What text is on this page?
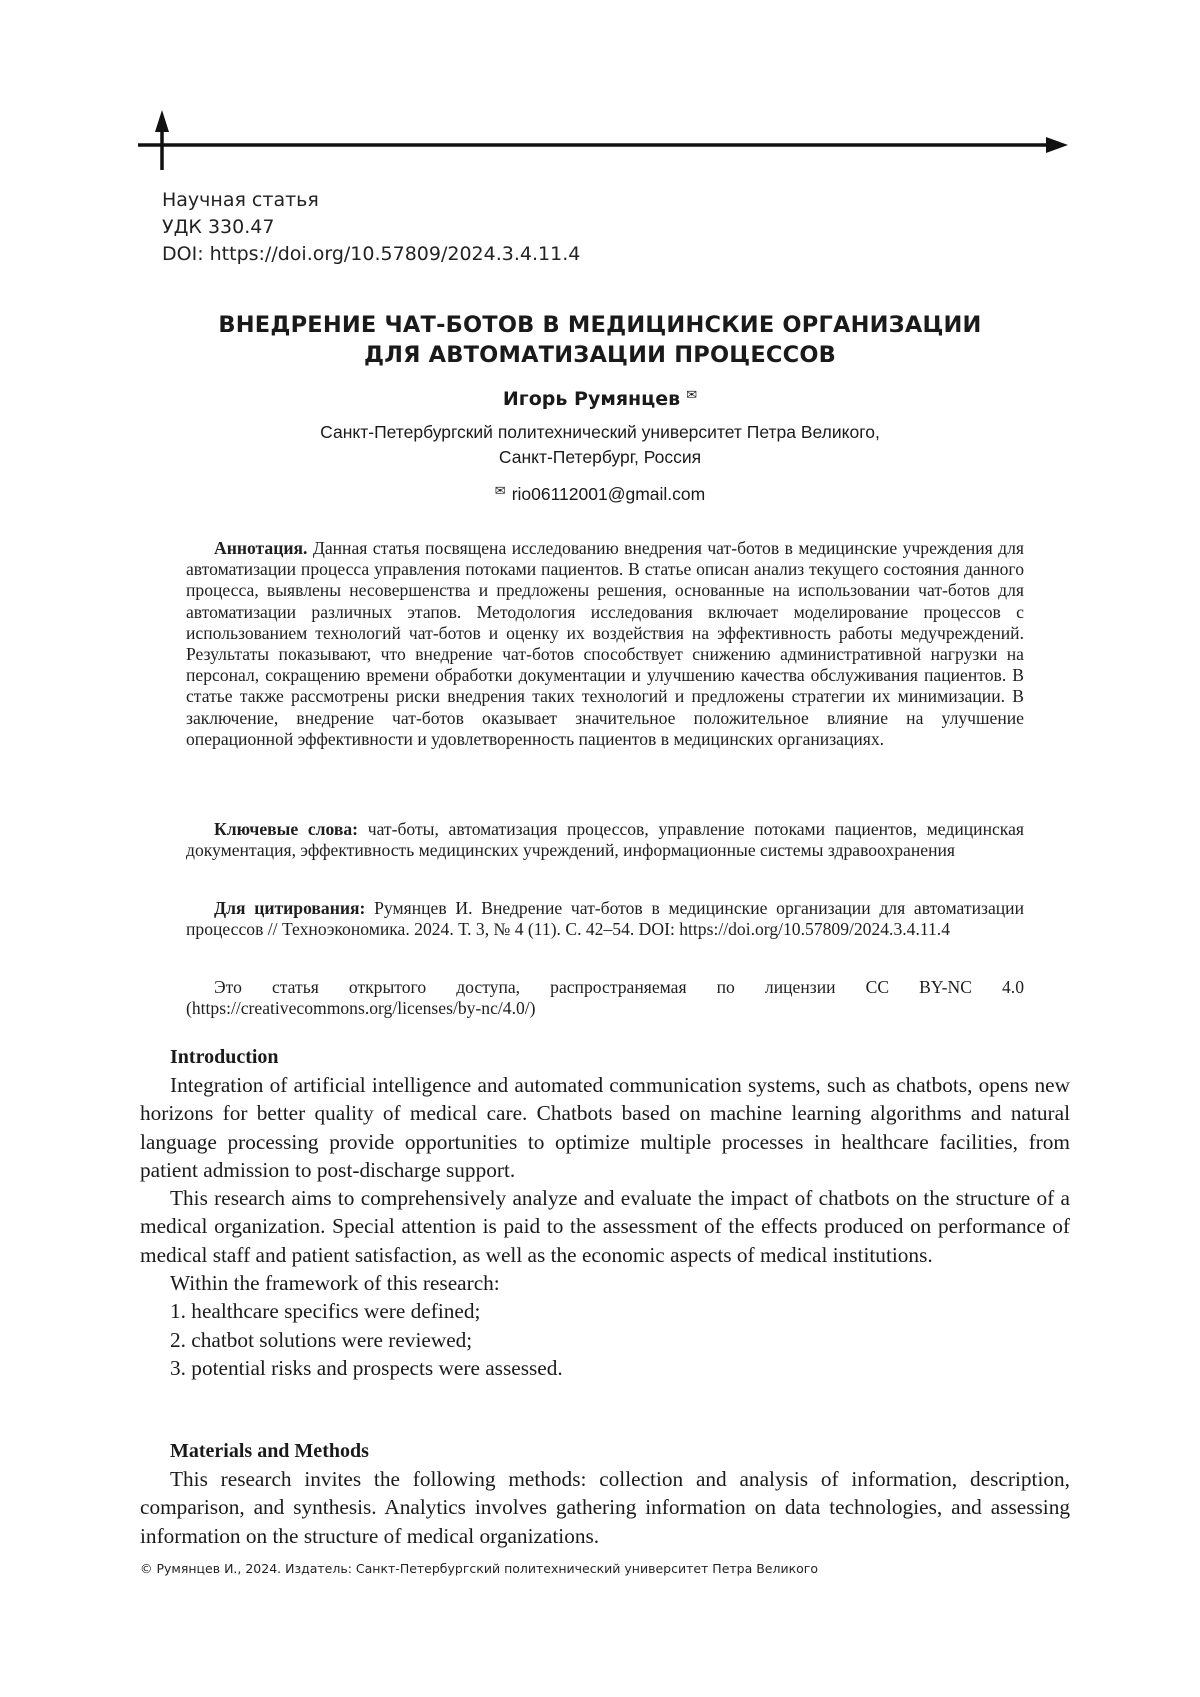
Научная статья
УДК 330.47
DOI: https://doi.org/10.57809/2024.3.4.11.4
ВНЕДРЕНИЕ ЧАТ-БОТОВ В МЕДИЦИНСКИЕ ОРГАНИЗАЦИИ
ДЛЯ АВТОМАТИЗАЦИИ ПРОЦЕССОВ
Игорь Румянцев ✉
Санкт-Петербургский политехнический университет Петра Великого,
Санкт-Петербург, Россия
✉ rio06112001@gmail.com

Аннотация. Данная статья посвящена исследованию внедрения чат-ботов в медицинские учреждения для автоматизации процесса управления потоками пациентов. В статье описан анализ текущего состояния данного процесса, выявлены несовершенства и предложены решения, основанные на использовании чат-ботов для автоматизации различных этапов. Методология исследования включает моделирование процессов с использованием технологий чат-ботов и оценку их воздействия на эффективность работы медучреждений. Результаты показывают, что внедрение чат-ботов способствует снижению административной нагрузки на персонал, сокращению времени обработки документации и улучшению качества обслуживания пациентов. В статье также рассмотрены риски внедрения таких технологий и предложены стратегии их минимизации. В заключение, внедрение чат-ботов оказывает значительное положительное влияние на улучшение операционной эффективности и удовлетворенность пациентов в медицинских организациях.

Ключевые слова: чат-боты, автоматизация процессов, управление потоками пациентов, медицинская документация, эффективность медицинских учреждений, информационные системы здравоохранения

Для цитирования: Румянцев И. Внедрение чат-ботов в медицинские организации для автоматизации процессов // Техноэкономика. 2024. Т. 3, № 4 (11). С. 42–54. DOI: https://doi.org/10.57809/2024.3.4.11.4

Это статья открытого доступа, распространяемая по лицензии CC BY-NC 4.0 (https://creativecommons.org/licenses/by-nc/4.0/)

Introduction

Integration of artificial intelligence and automated communication systems, such as chatbots, opens new horizons for better quality of medical care. Chatbots based on machine learning algorithms and natural language processing provide opportunities to optimize multiple processes in healthcare facilities, from patient admission to post-discharge support.

This research aims to comprehensively analyze and evaluate the impact of chatbots on the structure of a medical organization. Special attention is paid to the assessment of the effects produced on performance of medical staff and patient satisfaction, as well as the economic aspects of medical institutions.

Within the framework of this research:

1. healthcare specifics were defined;
2. chatbot solutions were reviewed;
3. potential risks and prospects were assessed.
Materials and Methods

This research invites the following methods: collection and analysis of information, description, comparison, and synthesis. Analytics involves gathering information on data technologies, and assessing information on the structure of medical organizations.

© Румянцев И., 2024. Издатель: Санкт-Петербургский политехнический университет Петра Великого
